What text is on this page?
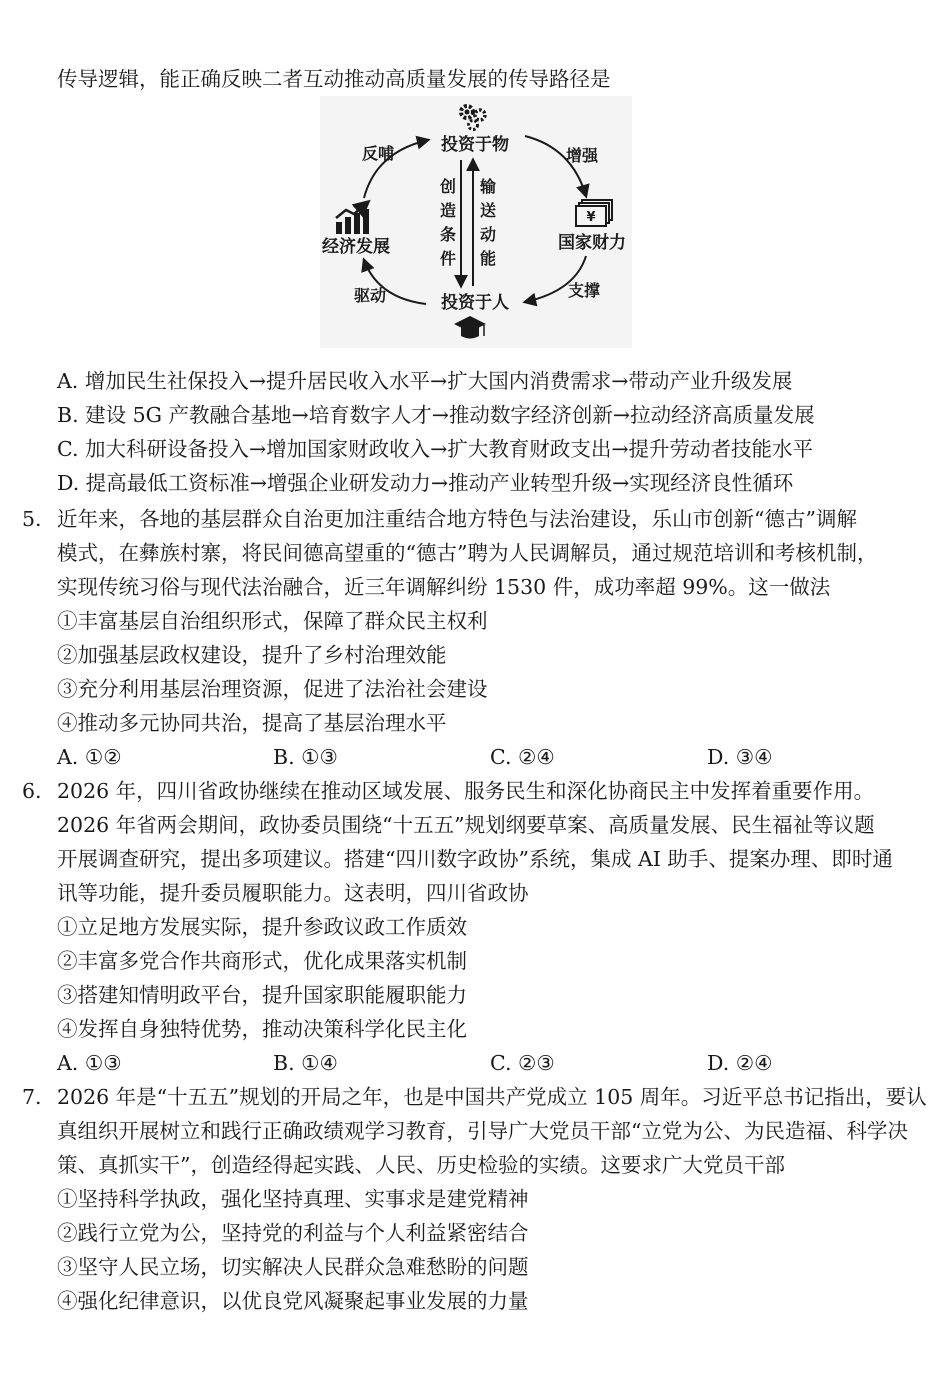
传导逻辑，能正确反映二者互动推动高质量发展的传导路径是
¥
投资于物
国家财力
投资于人
经济发展
增强
支撑
驱动
反哺
创
造
条
件
输
送
动
能
A. 增加民生社保投入→提升居民收入水平→扩大国内消费需求→带动产业升级发展
B. 建设 5G 产教融合基地→培育数字人才→推动数字经济创新→拉动经济高质量发展
C. 加大科研设备投入→增加国家财政收入→扩大教育财政支出→提升劳动者技能水平
D. 提高最低工资标准→增强企业研发动力→推动产业转型升级→实现经济良性循环
5. 近年来，各地的基层群众自治更加注重结合地方特色与法治建设，乐山市创新“德古”调解
模式，在彝族村寨，将民间德高望重的“德古”聘为人民调解员，通过规范培训和考核机制，
实现传统习俗与现代法治融合，近三年调解纠纷 1530 件，成功率超 99%。这一做法
①丰富基层自治组织形式，保障了群众民主权利
②加强基层政权建设，提升了乡村治理效能
③充分利用基层治理资源，促进了法治社会建设
④推动多元协同共治，提高了基层治理水平
A. ①②	B. ①③	C. ②④	D. ③④
6. 2026 年，四川省政协继续在推动区域发展、服务民生和深化协商民主中发挥着重要作用。
2026 年省两会期间，政协委员围绕“十五五”规划纲要草案、高质量发展、民生福祉等议题
开展调查研究，提出多项建议。搭建“四川数字政协”系统，集成 AI 助手、提案办理、即时通
讯等功能，提升委员履职能力。这表明，四川省政协
①立足地方发展实际，提升参政议政工作质效
②丰富多党合作共商形式，优化成果落实机制
③搭建知情明政平台，提升国家职能履职能力
④发挥自身独特优势，推动决策科学化民主化
A. ①③	B. ①④	C. ②③	D. ②④
7. 2026 年是“十五五”规划的开局之年，也是中国共产党成立 105 周年。习近平总书记指出，要认
真组织开展树立和践行正确政绩观学习教育，引导广大党员干部“立党为公、为民造福、科学决
策、真抓实干”，创造经得起实践、人民、历史检验的实绩。这要求广大党员干部
①坚持科学执政，强化坚持真理、实事求是建党精神
②践行立党为公，坚持党的利益与个人利益紧密结合
③坚守人民立场，切实解决人民群众急难愁盼的问题
④强化纪律意识，以优良党风凝聚起事业发展的力量
